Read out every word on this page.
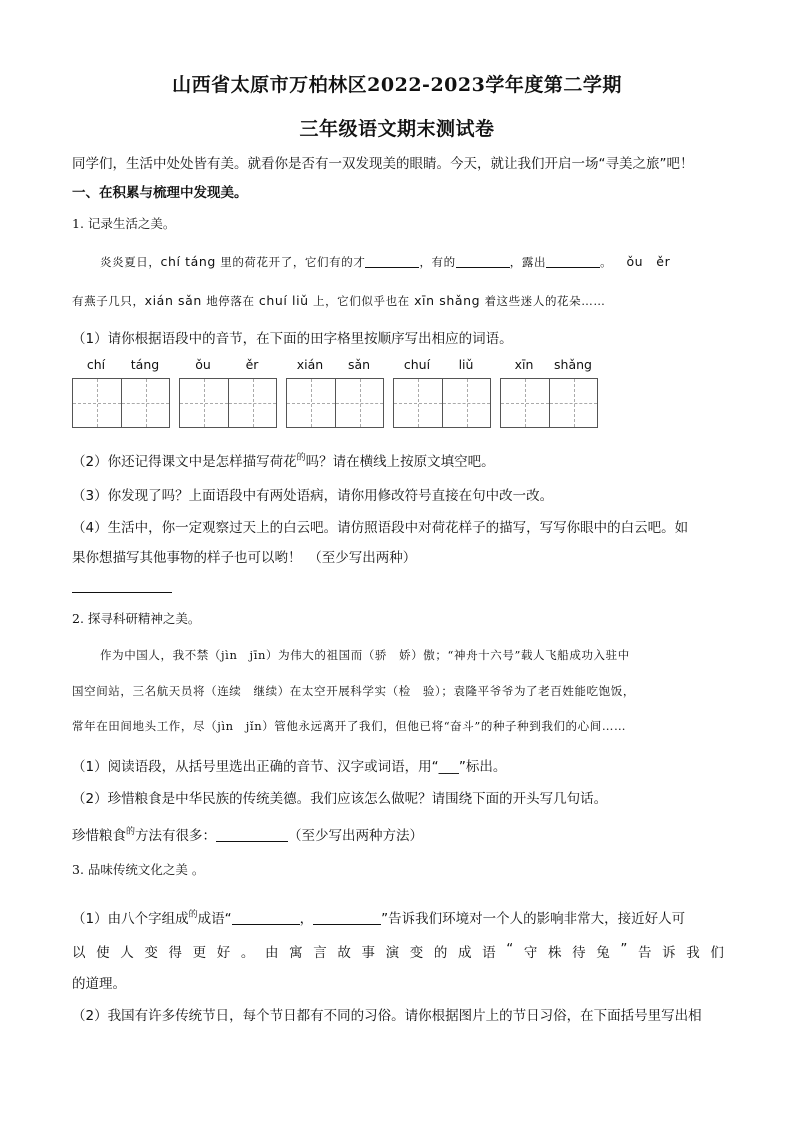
山西省太原市万柏林区2022-2023学年度第二学期
三年级语文期末测试卷
同学们，生活中处处皆有美。就看你是否有一双发现美的眼睛。今天，就让我们开启一场“寻美之旅”吧！
一、在积累与梳理中发现美。
1. 记录生活之美。
炎炎夏日，chí táng 里的荷花开了，它们有的才	，有的	，露出	。 ǒu　ěr
有燕子几只，xián sǎn 地停落在 chuí liǔ 上，它们似乎也在 xīn shǎng 着这些迷人的花朵……
（1）请你根据语段中的音节，在下面的田字格里按顺序写出相应的词语。
chí	táng	ǒu	ěr	xián	sǎn	chuí	liǔ	xīn	shǎng
（2）你还记得课文中是怎样描写荷花$^的$吗？请在横线上按原文填空吧。
（3）你发现了吗？上面语段中有两处语病，请你用修改符号直接在句中改一改。
（4）生活中，你一定观察过天上的白云吧。请仿照语段中对荷花样子的描写，写写你眼中的白云吧。如
果你想描写其他事物的样子也可以哟！　（至少写出两种）
2. 探寻科研精神之美。
作为中国人，我不禁（jìn　jīn）为伟大的祖国而（骄　娇）傲；“神舟十六号”载人飞船成功入驻中
国空间站，三名航天员将（连续　继续）在太空开展科学实（检　验）；袁隆平爷爷为了老百姓能吃饱饭，
常年在田间地头工作，尽（jìn　jǐn）管他永远离开了我们，但他已将“奋斗”的种子种到我们的心间……
（1）阅读语段，从括号里选出正确的音节、汉字或词语，用“___”标出。
（2）珍惜粮食是中华民族的传统美德。我们应该怎么做呢？请围绕下面的开头写几句话。
珍惜粮食$^的$方法有很多：	（至少写出两种方法）
3. 品味传统文化之美 。
（1）由八个字组成$^的$成语“	，	”告诉我们环境对一个人的影响非常大，接近好人可
以 使 人 变 得 更 好 。 由 寓 言 故 事 演 变 的 成 语 “ 守 株 待 兔 ” 告 诉 我 们
的道理。
（2）我国有许多传统节日，每个节日都有不同的习俗。请你根据图片上的节日习俗，在下面括号里写出相
